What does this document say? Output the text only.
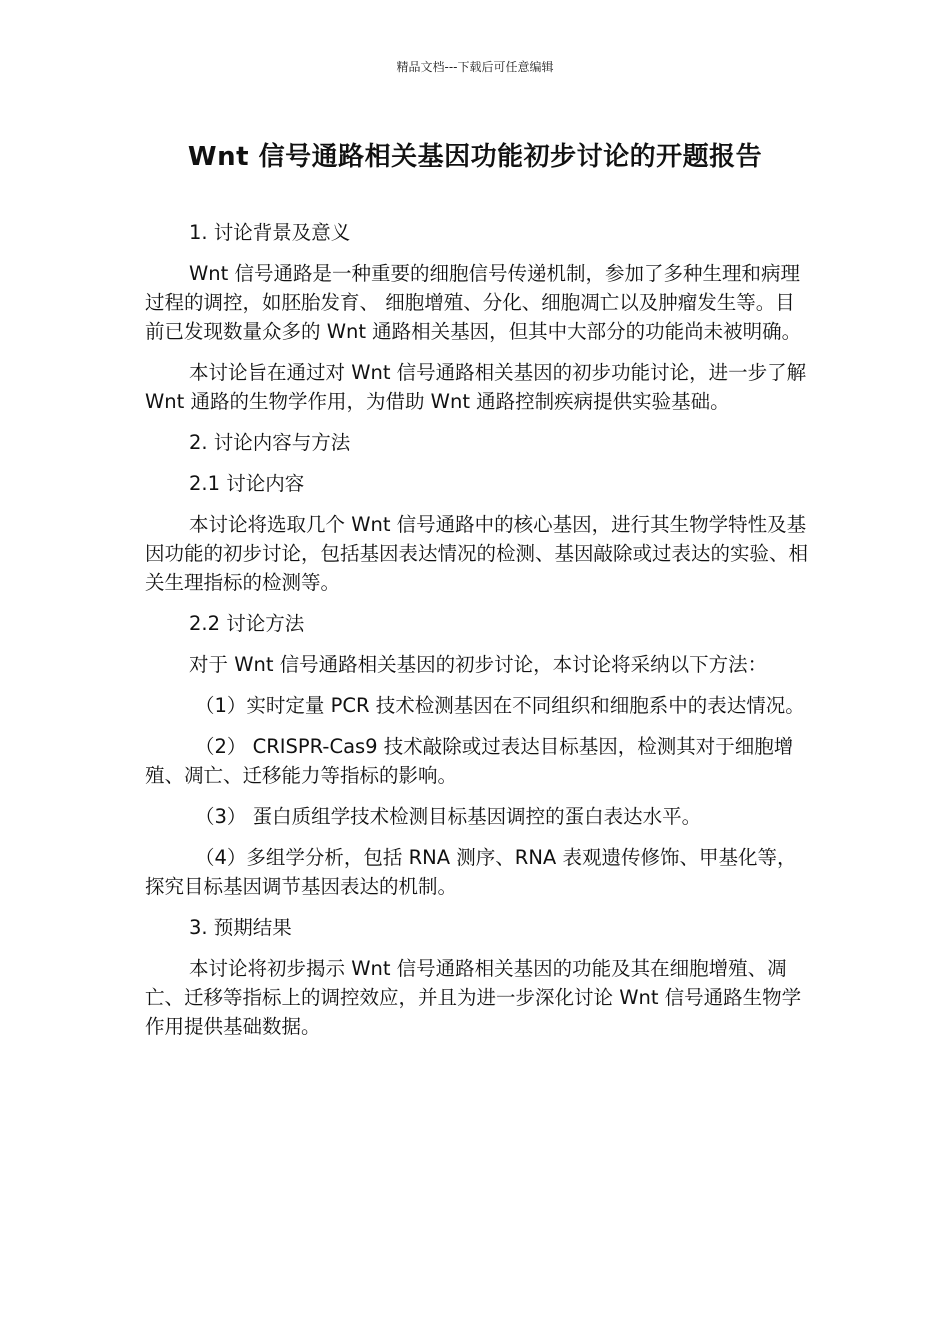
精品文档---下载后可任意编辑
Wnt 信号通路相关基因功能初步讨论的开题报告

1. 讨论背景及意义

Wnt 信号通路是一种重要的细胞信号传递机制，参加了多种生理和病理过程的调控，如胚胎发育、 细胞增殖、分化、细胞凋亡以及肿瘤发生等。目前已发现数量众多的 Wnt 通路相关基因，但其中大部分的功能尚未被明确。

本讨论旨在通过对 Wnt 信号通路相关基因的初步功能讨论，进一步了解 Wnt 通路的生物学作用，为借助 Wnt 通路控制疾病提供实验基础。

2. 讨论内容与方法

2.1 讨论内容

本讨论将选取几个 Wnt 信号通路中的核心基因，进行其生物学特性及基因功能的初步讨论，包括基因表达情况的检测、基因敲除或过表达的实验、相关生理指标的检测等。

2.2 讨论方法

对于 Wnt 信号通路相关基因的初步讨论，本讨论将采纳以下方法：

（1）实时定量 PCR 技术检测基因在不同组织和细胞系中的表达情况。

（2） CRISPR-Cas9 技术敲除或过表达目标基因，检测其对于细胞增殖、凋亡、迁移能力等指标的影响。

（3） 蛋白质组学技术检测目标基因调控的蛋白表达水平。

（4）多组学分析，包括 RNA 测序、RNA 表观遗传修饰、甲基化等，探究目标基因调节基因表达的机制。

3. 预期结果

本讨论将初步揭示 Wnt 信号通路相关基因的功能及其在细胞增殖、凋亡、迁移等指标上的调控效应，并且为进一步深化讨论 Wnt 信号通路生物学作用提供基础数据。
